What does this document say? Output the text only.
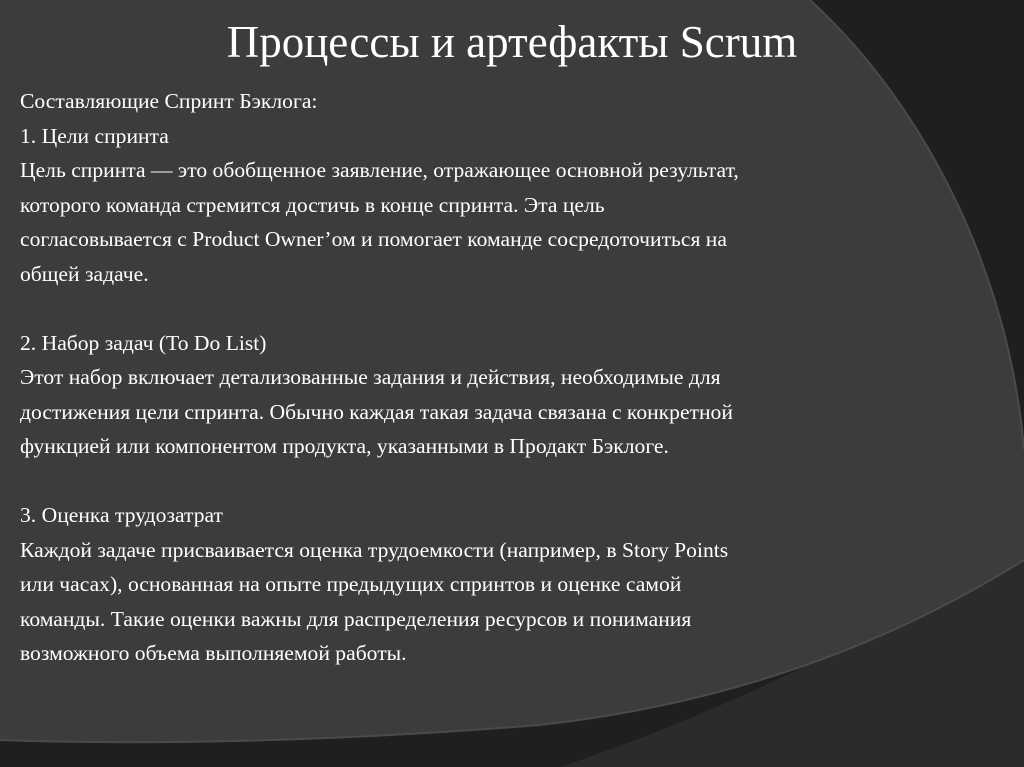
Процессы и артефакты Scrum

Составляющие Спринт Бэклога:

1. Цели спринта

Цель спринта — это обобщенное заявление, отражающее основной результат,
которого команда стремится достичь в конце спринта. Эта цель
согласовывается с Product Owner’ом и помогает команде сосредоточиться на
общей задаче.

2. Набор задач (To Do List)

Этот набор включает детализованные задания и действия, необходимые для
достижения цели спринта. Обычно каждая такая задача связана с конкретной
функцией или компонентом продукта, указанными в Продакт Бэклоге.

3. Оценка трудозатрат

Каждой задаче присваивается оценка трудоемкости (например, в Story Points
или часах), основанная на опыте предыдущих спринтов и оценке самой
команды. Такие оценки важны для распределения ресурсов и понимания
возможного объема выполняемой работы.
